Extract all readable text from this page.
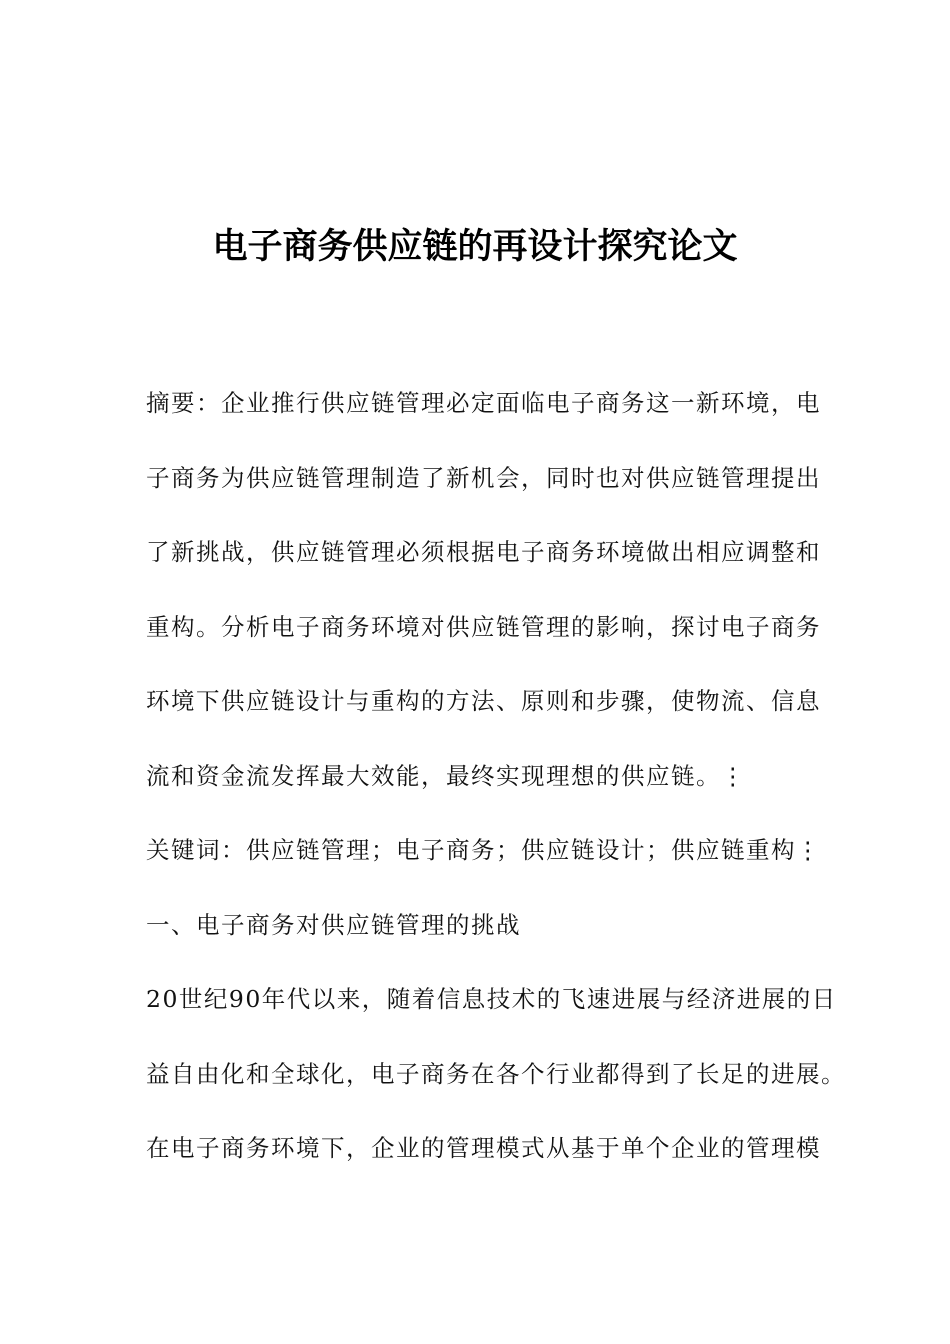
电子商务供应链的再设计探究论文
摘要：企业推行供应链管理必定面临电子商务这一新环境，电
子商务为供应链管理制造了新机会，同时也对供应链管理提出
了新挑战，供应链管理必须根据电子商务环境做出相应调整和
重构。分析电子商务环境对供应链管理的影响，探讨电子商务
环境下供应链设计与重构的方法、原则和步骤，使物流、信息
流和资金流发挥最大效能，最终实现理想的供应链。⋮
关键词：供应链管理；电子商务；供应链设计；供应链重构⋮
一、电子商务对供应链管理的挑战
20世纪90年代以来，随着信息技术的飞速进展与经济进展的日
益自由化和全球化，电子商务在各个行业都得到了长足的进展。
在电子商务环境下，企业的管理模式从基于单个企业的管理模
